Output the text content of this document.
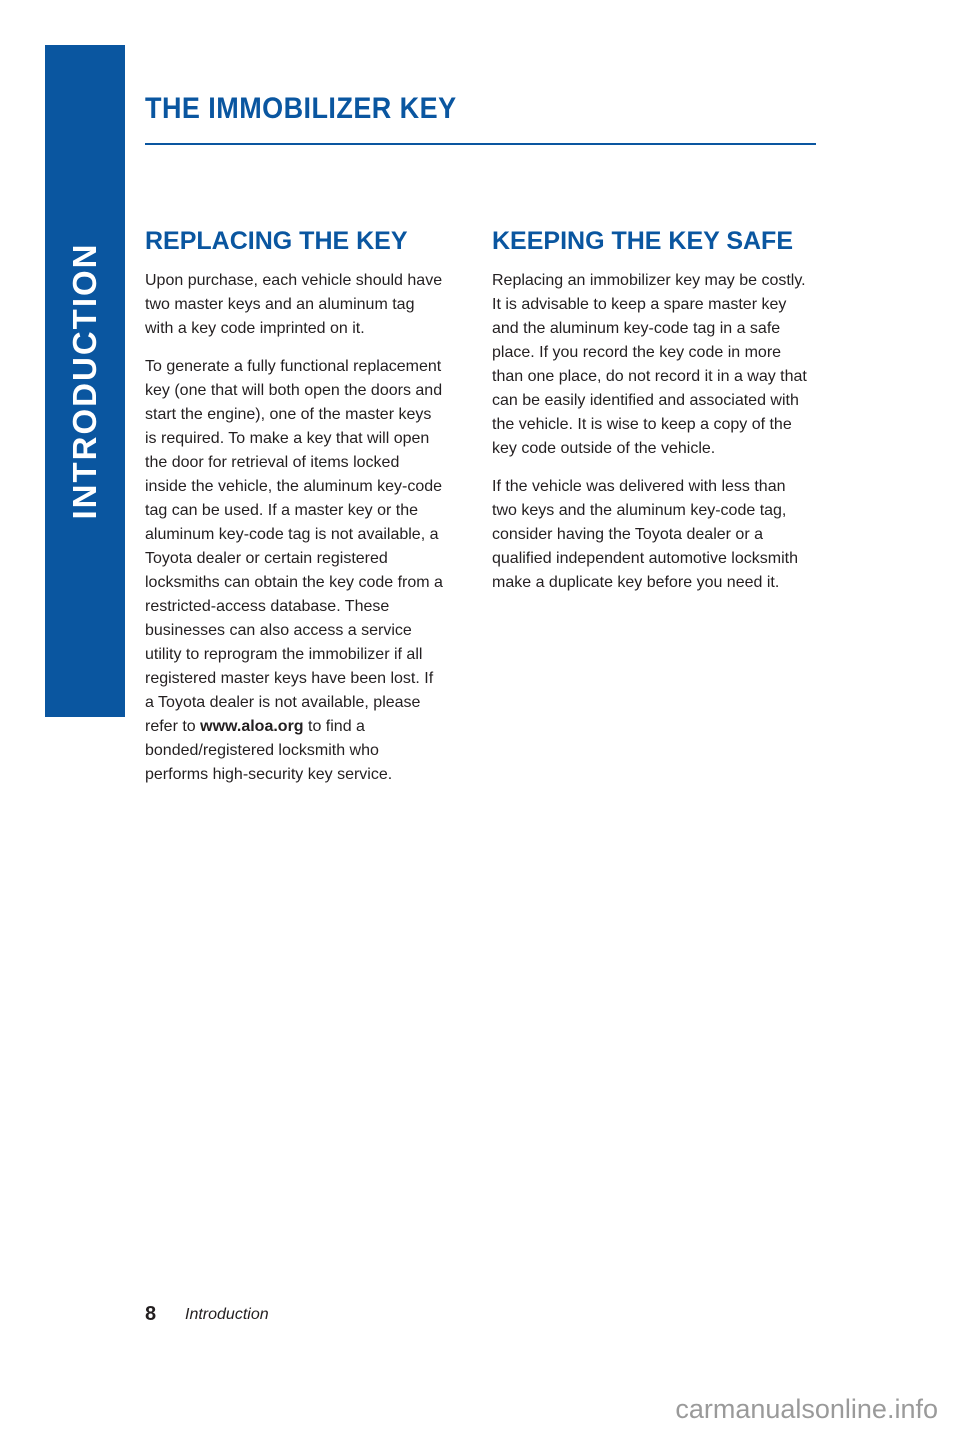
INTRODUCTION
THE IMMOBILIZER KEY
REPLACING THE KEY

Upon purchase, each vehicle should have two master keys and an aluminum tag with a key code imprinted on it.

To generate a fully functional replacement key (one that will both open the doors and start the engine), one of the master keys is required. To make a key that will open the door for retrieval of items locked inside the vehicle, the aluminum key-code tag can be used. If a master key or the aluminum key-code tag is not available, a Toyota dealer or certain registered locksmiths can obtain the key code from a restricted-access database. These businesses can also access a service utility to reprogram the immobilizer if all registered master keys have been lost. If a Toyota dealer is not available, please refer to www.aloa.org to find a bonded/registered locksmith who performs high-security key service.

KEEPING THE KEY SAFE

Replacing an immobilizer key may be costly. It is advisable to keep a spare master key and the aluminum key-code tag in a safe place. If you record the key code in more than one place, do not record it in a way that can be easily identified and associated with the vehicle. It is wise to keep a copy of the key code outside of the vehicle.

If the vehicle was delivered with less than two keys and the aluminum key-code tag, consider having the Toyota dealer or a qualified independent automotive locksmith make a duplicate key before you need it.

8 Introduction
carmanualsonline.info
